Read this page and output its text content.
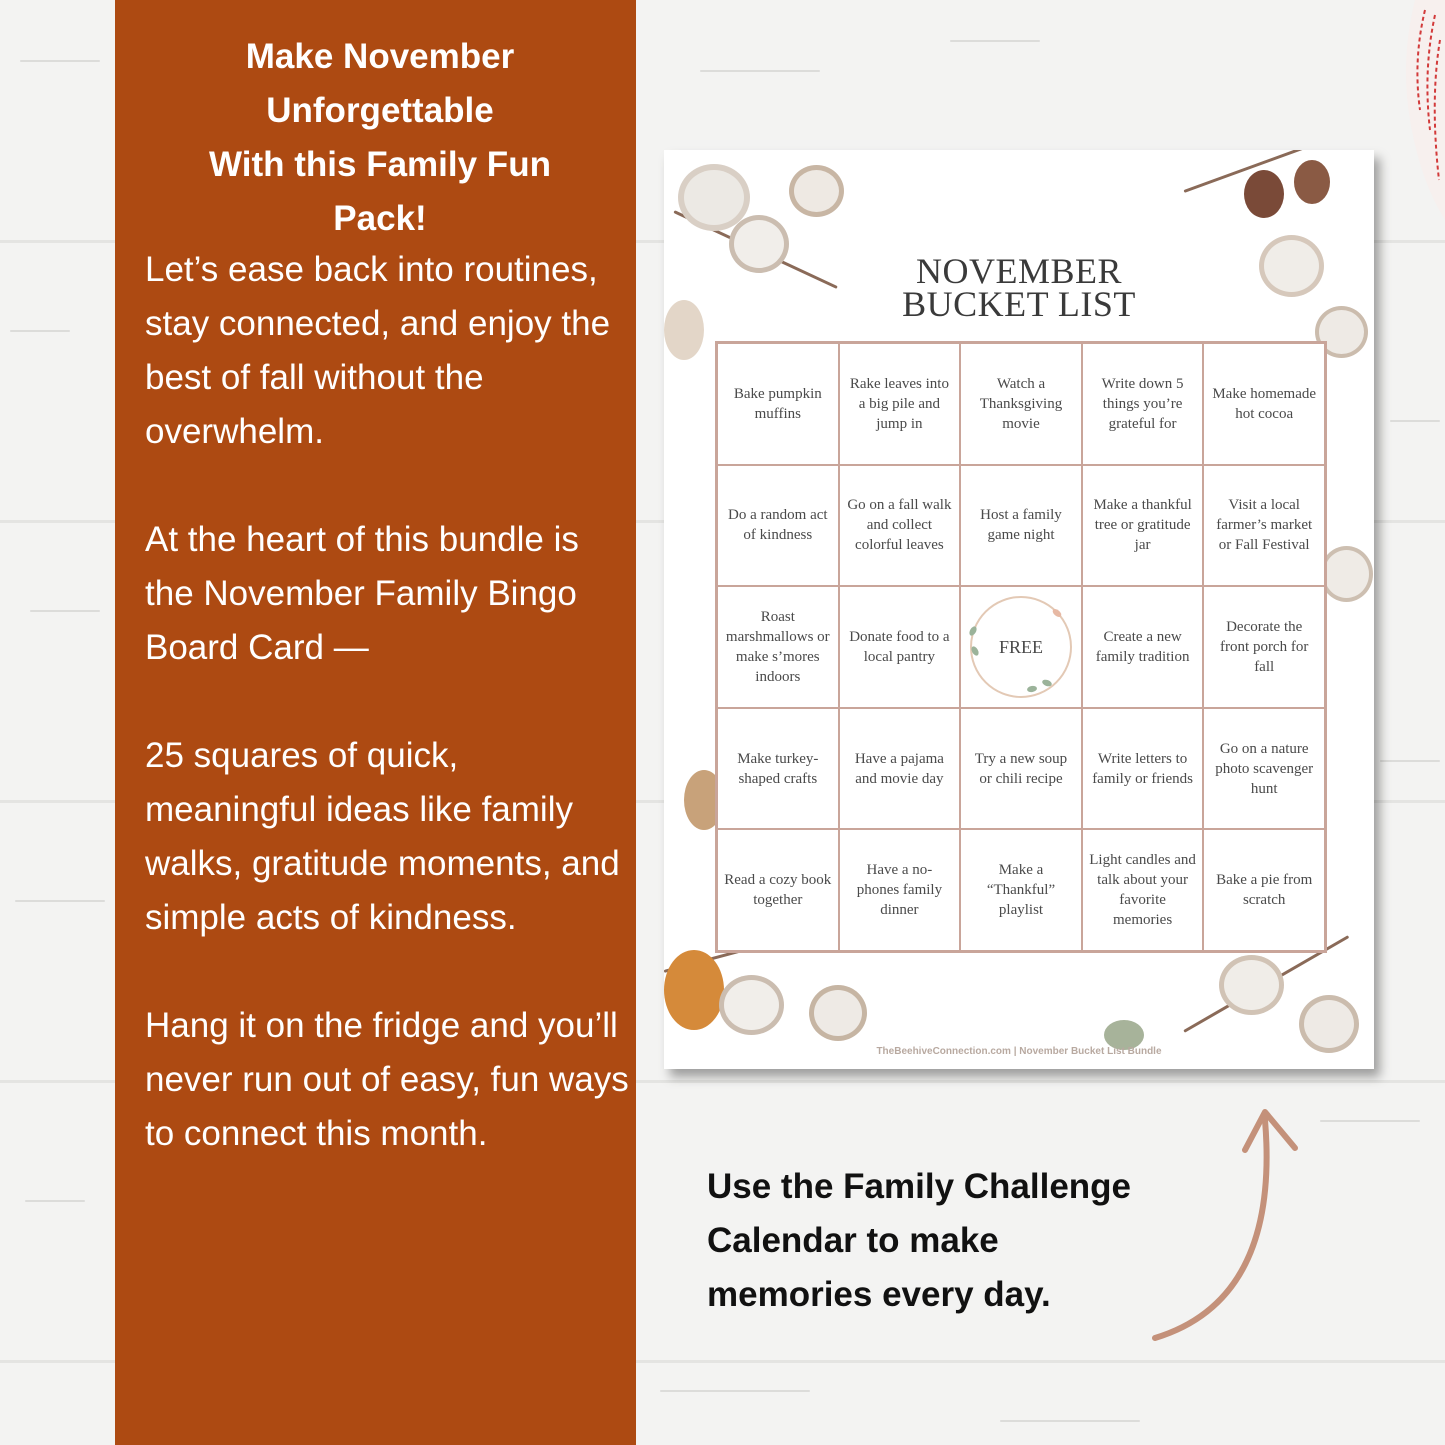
Make November
Unforgettable
With this Family Fun
Pack!

Let’s ease back into routines, stay connected, and enjoy the best of fall without the overwhelm.

At the heart of this bundle is the November Family Bingo Board Card —

25 squares of quick, meaningful ideas like family walks, gratitude moments, and simple acts of kindness.

Hang it on the fridge and you’ll never run out of easy, fun ways to connect this month.

NOVEMBER
BUCKET LIST
Bake pumpkin muffins
Rake leaves into a big pile and jump in
Watch a Thanksgiving movie
Write down 5 things you’re grateful for
Make homemade hot cocoa
Do a random act of kindness
Go on a fall walk and collect colorful leaves
Host a family game night
Make a thankful tree or gratitude jar
Visit a local farmer’s market or Fall Festival
Roast marshmallows or make s’mores indoors
Donate food to a local pantry	FREE	Create a new family tradition
Decorate the front porch for fall
Make turkey-shaped crafts
Have a pajama and movie day
Try a new soup or chili recipe
Write letters to family or friends
Go on a nature photo scavenger hunt
Read a cozy book together
Have a no-phones family dinner
Make a “Thankful” playlist
Light candles and talk about your favorite memories
Bake a pie from scratch
TheBeehiveConnection.com | November Bucket List Bundle
Use the Family Challenge Calendar to make memories every day.
